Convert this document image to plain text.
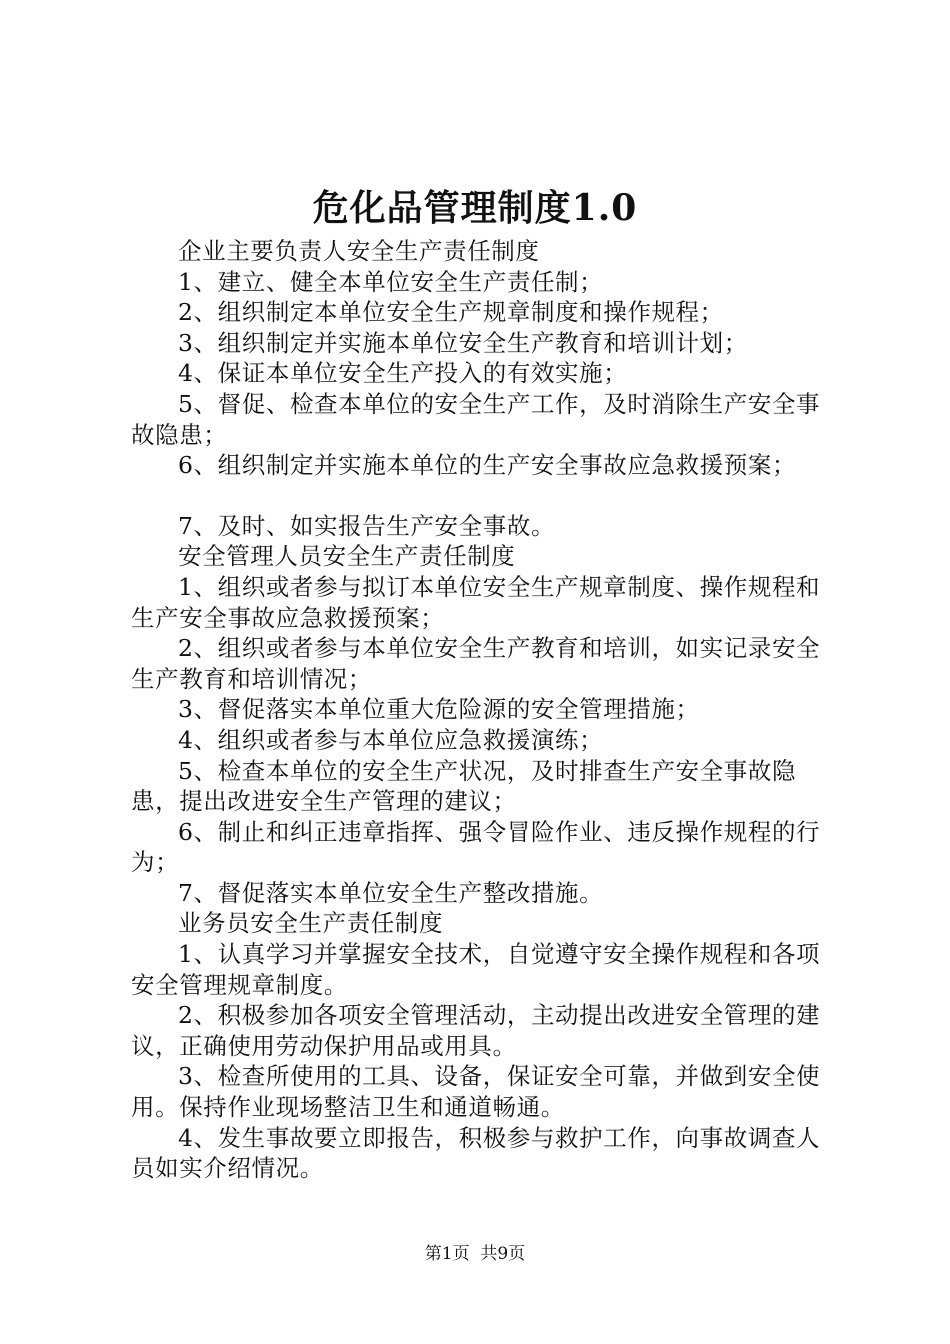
危化品管理制度1.0

企业主要负责人安全生产责任制度

1、建立、健全本单位安全生产责任制；

2、组织制定本单位安全生产规章制度和操作规程；

3、组织制定并实施本单位安全生产教育和培训计划；

4、保证本单位安全生产投入的有效实施；

5、督促、检查本单位的安全生产工作，及时消除生产安全事故隐患；

6、组织制定并实施本单位的生产安全事故应急救援预案；

7、及时、如实报告生产安全事故。

安全管理人员安全生产责任制度

1、组织或者参与拟订本单位安全生产规章制度、操作规程和生产安全事故应急救援预案；

2、组织或者参与本单位安全生产教育和培训，如实记录安全生产教育和培训情况；

3、督促落实本单位重大危险源的安全管理措施；

4、组织或者参与本单位应急救援演练；

5、检查本单位的安全生产状况，及时排查生产安全事故隐患，提出改进安全生产管理的建议；

6、制止和纠正违章指挥、强令冒险作业、违反操作规程的行为；

7、督促落实本单位安全生产整改措施。

业务员安全生产责任制度

1、认真学习并掌握安全技术，自觉遵守安全操作规程和各项安全管理规章制度。

2、积极参加各项安全管理活动，主动提出改进安全管理的建议，正确使用劳动保护用品或用具。

3、检查所使用的工具、设备，保证安全可靠，并做到安全使用。保持作业现场整洁卫生和通道畅通。

4、发生事故要立即报告，积极参与救护工作，向事故调查人员如实介绍情况。

第1页 共9页
